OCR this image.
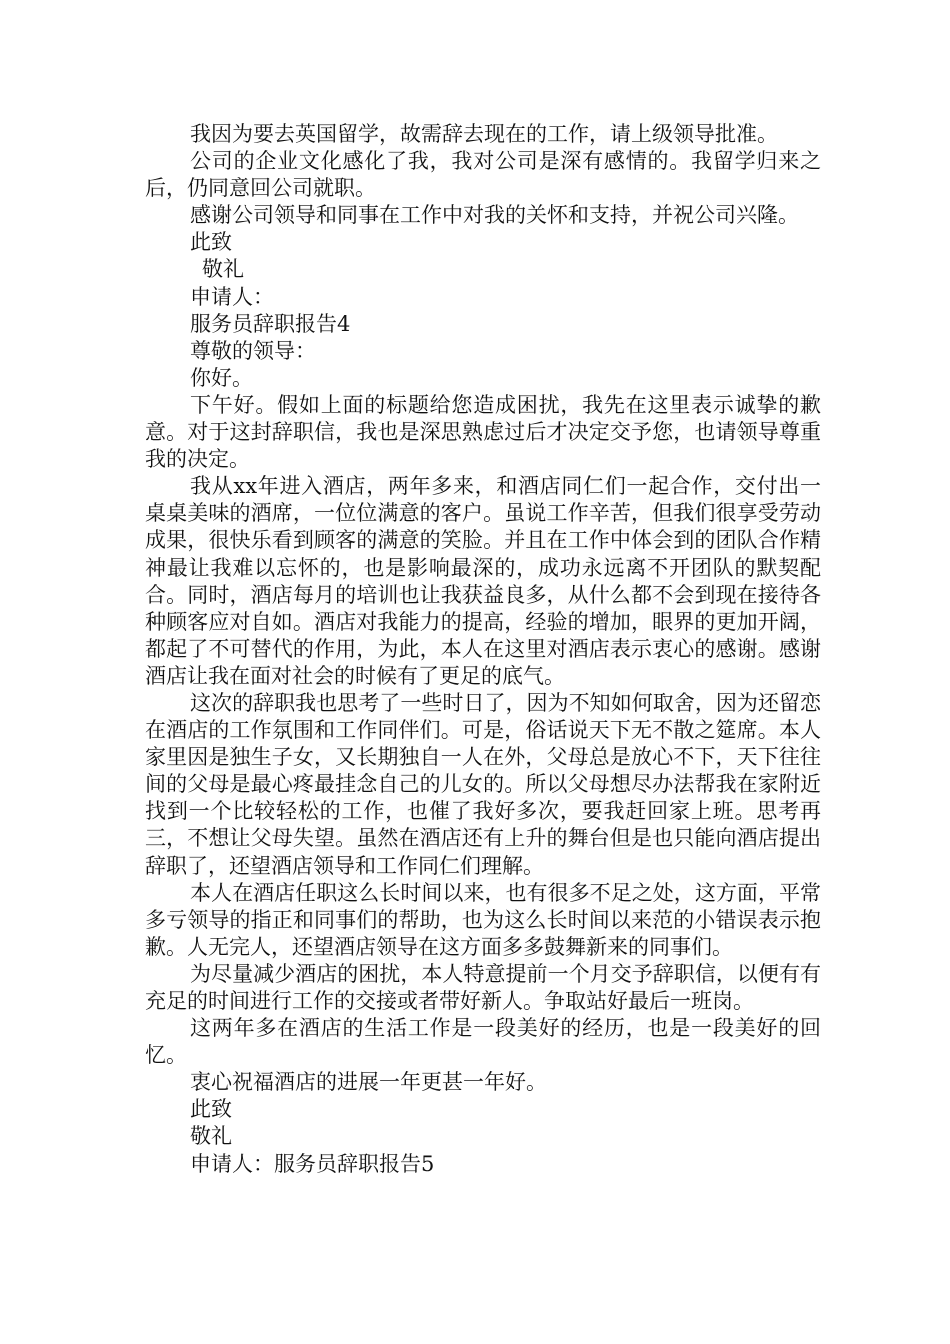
我因为要去英国留学，故需辞去现在的工作，请上级领导批准。

公司的企业文化感化了我，我对公司是深有感情的。我留学归来之后，仍同意回公司就职。

感谢公司领导和同事在工作中对我的关怀和支持，并祝公司兴隆。

此致

敬礼

申请人：

服务员辞职报告4

尊敬的领导：

你好。

下午好。假如上面的标题给您造成困扰，我先在这里表示诚挚的歉意。对于这封辞职信，我也是深思熟虑过后才决定交予您，也请领导尊重我的决定。

我从xx年进入酒店，两年多来，和酒店同仁们一起合作，交付出一桌桌美味的酒席，一位位满意的客户。虽说工作辛苦，但我们很享受劳动成果，很快乐看到顾客的满意的笑脸。并且在工作中体会到的团队合作精神最让我难以忘怀的，也是影响最深的，成功永远离不开团队的默契配合。同时，酒店每月的培训也让我获益良多，从什么都不会到现在接待各种顾客应对自如。酒店对我能力的提高，经验的增加，眼界的更加开阔，都起了不可替代的作用，为此，本人在这里对酒店表示衷心的感谢。感谢酒店让我在面对社会的时候有了更足的底气。

这次的辞职我也思考了一些时日了，因为不知如何取舍，因为还留恋在酒店的工作氛围和工作同伴们。可是，俗话说天下无不散之筵席。本人家里因是独生子女，又长期独自一人在外，父母总是放心不下，天下往往间的父母是最心疼最挂念自己的儿女的。所以父母想尽办法帮我在家附近找到一个比较轻松的工作，也催了我好多次，要我赶回家上班。思考再三，不想让父母失望。虽然在酒店还有上升的舞台但是也只能向酒店提出辞职了，还望酒店领导和工作同仁们理解。

本人在酒店任职这么长时间以来，也有很多不足之处，这方面，平常多亏领导的指正和同事们的帮助，也为这么长时间以来范的小错误表示抱歉。人无完人，还望酒店领导在这方面多多鼓舞新来的同事们。

为尽量减少酒店的困扰，本人特意提前一个月交予辞职信，以便有有充足的时间进行工作的交接或者带好新人。争取站好最后一班岗。

这两年多在酒店的生活工作是一段美好的经历，也是一段美好的回忆。

衷心祝福酒店的进展一年更甚一年好。

此致

敬礼

申请人：服务员辞职报告5
